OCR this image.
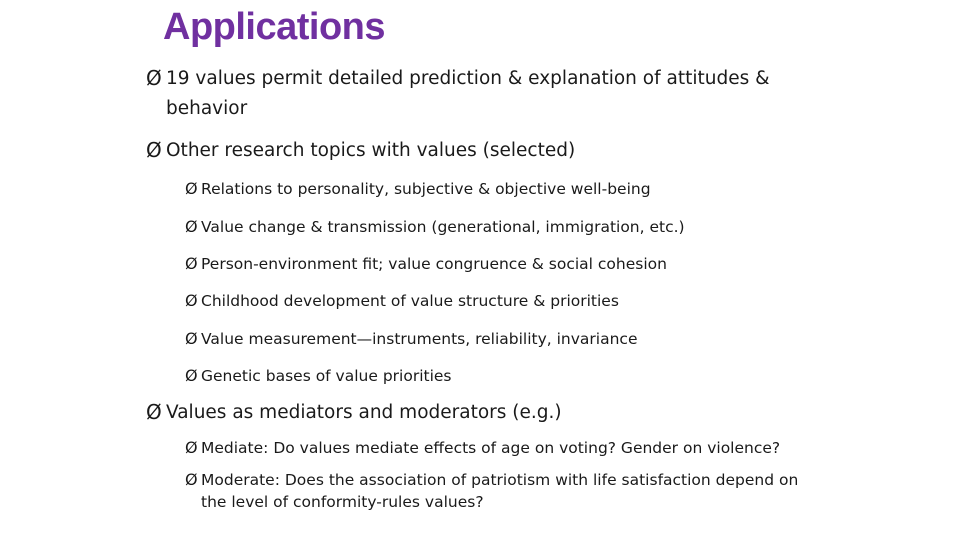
Applications
Ø 19 values permit detailed prediction & explanation of attitudes & behavior
Ø Other research topics with values (selected)
Ø Relations to personality, subjective & objective well-being
Ø Value change & transmission (generational, immigration, etc.)
Ø Person-environment fit; value congruence & social cohesion
Ø Childhood development of value structure & priorities
Ø Value measurement—instruments, reliability, invariance
Ø Genetic bases of value priorities
Ø Values as mediators and moderators (e.g.)
Ø Mediate: Do values mediate effects of age on voting? Gender on violence?
Ø Moderate: Does the association of patriotism with life satisfaction depend on the level of conformity-rules values?
